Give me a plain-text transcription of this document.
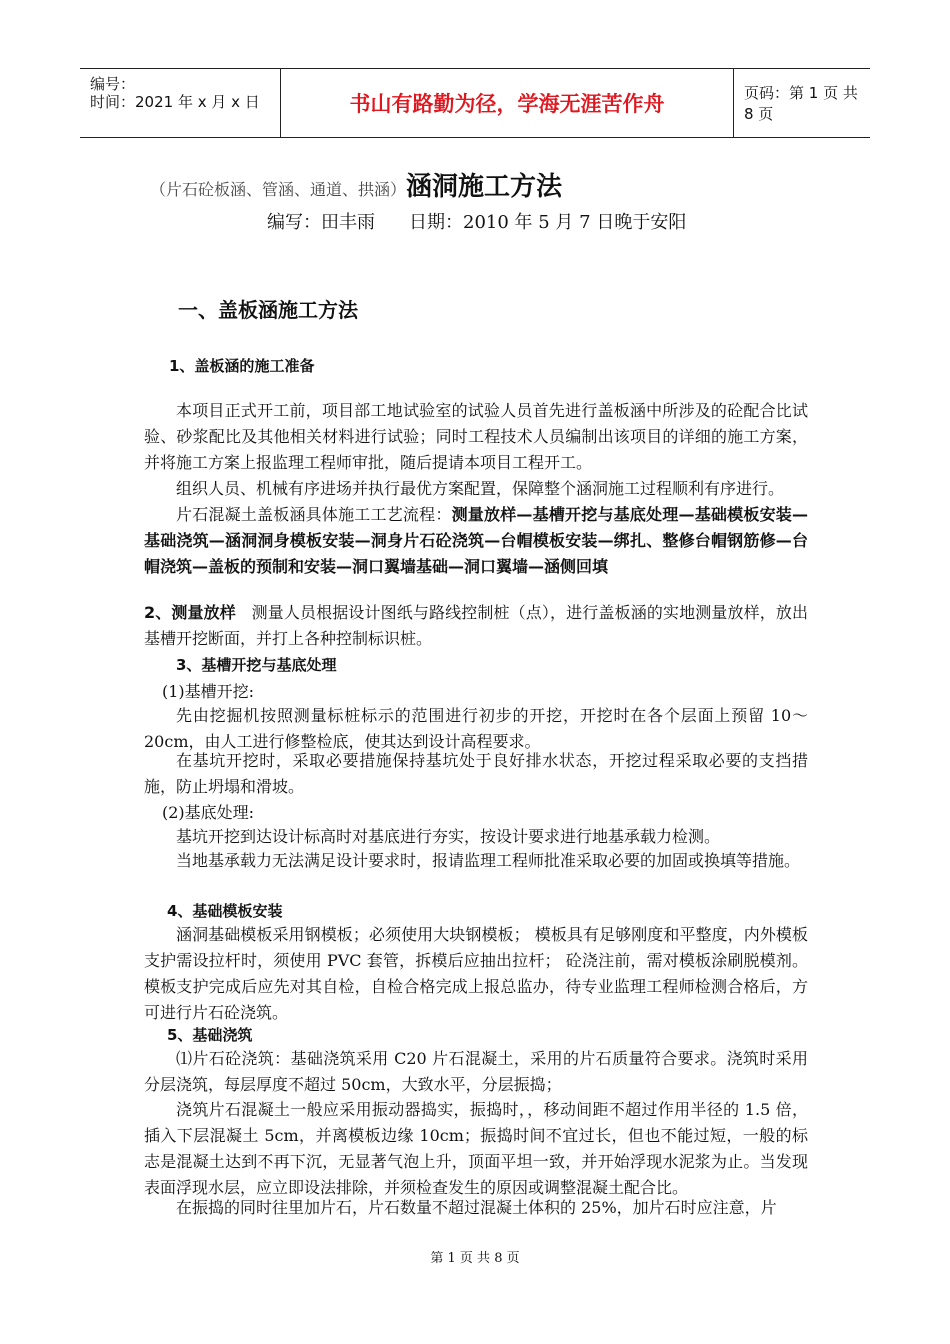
编号：
时间：2021 年 x 月 x 日	书山有路勤为径，学海无涯苦作舟	页码：第 1 页 共 8 页
（片石砼板涵、管涵、通道、拱涵）涵洞施工方法
编写：田丰雨 日期：2010 年 5 月 7 日晚于安阳
一、盖板涵施工方法
1、盖板涵的施工准备
本项目正式开工前，项目部工地试验室的试验人员首先进行盖板涵中所涉及的砼配合比试验、砂浆配比及其他相关材料进行试验；同时工程技术人员编制出该项目的详细的施工方案，并将施工方案上报监理工程师审批，随后提请本项目工程开工。
组织人员、机械有序进场并执行最优方案配置，保障整个涵洞施工过程顺利有序进行。
片石混凝土盖板涵具体施工工艺流程：测量放样—基槽开挖与基底处理—基础模板安装—基础浇筑—涵洞洞身模板安装—洞身片石砼浇筑—台帽模板安装—绑扎、整修台帽钢筋修—台帽浇筑—盖板的预制和安装—洞口翼墙基础—洞口翼墙—涵侧回填
2、测量放样 测量人员根据设计图纸与路线控制桩（点），进行盖板涵的实地测量放样，放出基槽开挖断面，并打上各种控制标识桩。
3、基槽开挖与基底处理
(1)基槽开挖:
先由挖掘机按照测量标桩标示的范围进行初步的开挖，开挖时在各个层面上预留 10～20cm，由人工进行修整检底，使其达到设计高程要求。
在基坑开挖时，采取必要措施保持基坑处于良好排水状态，开挖过程采取必要的支挡措施，防止坍塌和滑坡。
(2)基底处理:
基坑开挖到达设计标高时对基底进行夯实，按设计要求进行地基承载力检测。
当地基承载力无法满足设计要求时，报请监理工程师批准采取必要的加固或换填等措施。
4、基础模板安装
涵洞基础模板采用钢模板；必须使用大块钢模板； 模板具有足够刚度和平整度，内外模板支护需设拉杆时，须使用 PVC 套管，拆模后应抽出拉杆； 砼浇注前，需对模板涂刷脱模剂。模板支护完成后应先对其自检，自检合格完成上报总监办，待专业监理工程师检测合格后，方可进行片石砼浇筑。
5、基础浇筑
⑴片石砼浇筑：基础浇筑采用 C20 片石混凝土，采用的片石质量符合要求。浇筑时采用分层浇筑，每层厚度不超过 50cm，大致水平，分层振捣；
浇筑片石混凝土一般应采用振动器捣实，振捣时，，移动间距不超过作用半径的 1.5 倍，插入下层混凝土 5cm，并离模板边缘 10cm；振捣时间不宜过长，但也不能过短，一般的标志是混凝土达到不再下沉，无显著气泡上升，顶面平坦一致，并开始浮现水泥浆为止。当发现表面浮现水层，应立即设法排除，并须检查发生的原因或调整混凝土配合比。
在振捣的同时往里加片石，片石数量不超过混凝土体积的 25%，加片石时应注意，片
第 1 页 共 8 页
